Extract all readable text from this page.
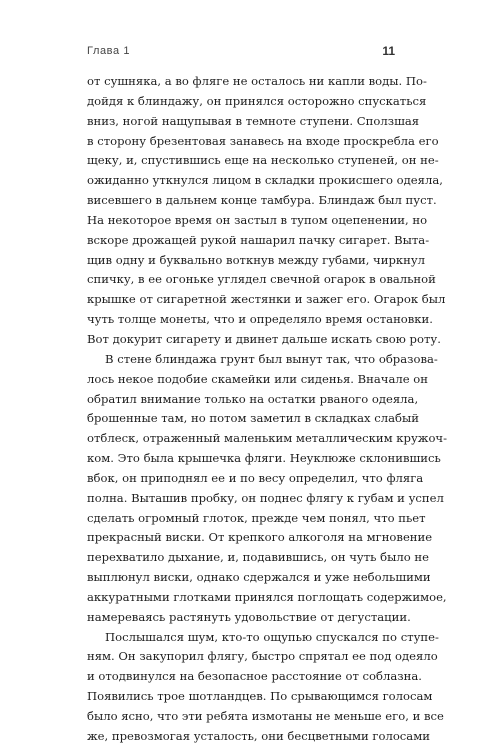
Глава 1	11
от сушняка, а во фляге не осталось ни капли воды. По-
дойдя к блиндажу, он принялся осторожно спускаться
вниз, ногой нащупывая в темноте ступени. Сползшая
в сторону брезентовая занавесь на входе проскребла его
щеку, и, спустившись еще на несколько ступеней, он не-
ожиданно уткнулся лицом в складки прокисшего одеяла,
висевшего в дальнем конце тамбура. Блиндаж был пуст.
На некоторое время он застыл в тупом оцепенении, но
вскоре дрожащей рукой нашарил пачку сигарет. Выта-
щив одну и буквально воткнув между губами, чиркнул
спичку, в ее огоньке углядел свечной огарок в овальной
крышке от сигаретной жестянки и зажег его. Огарок был
чуть толще монеты, что и определяло время остановки.
Вот докурит сигарету и двинет дальше искать свою роту.
В стене блиндажа грунт был вынут так, что образова-
лось некое подобие скамейки или сиденья. Вначале он
обратил внимание только на остатки рваного одеяла,
брошенные там, но потом заметил в складках слабый
отблеск, отраженный маленьким металлическим кружоч-
ком. Это была крышечка фляги. Неуклюже склонившись
вбок, он приподнял ее и по весу определил, что фляга
полна. Выташив пробку, он поднес флягу к губам и успел
сделать огромный глоток, прежде чем понял, что пьет
прекрасный виски. От крепкого алкоголя на мгновение
перехватило дыхание, и, подавившись, он чуть было не
выплюнул виски, однако сдержался и уже небольшими
аккуратными глотками принялся поглощать содержимое,
намереваясь растянуть удовольствие от дегустации.
Послышался шум, кто-то ощупью спускался по ступе-
ням. Он закупорил флягу, быстро спрятал ее под одеяло
и отодвинулся на безопасное расстояние от соблазна.
Появились трое шотландцев. По срывающимся голосам
было ясно, что эти ребята измотаны не меньше его, и все
же, превозмогая усталость, они бесцветными голосами
